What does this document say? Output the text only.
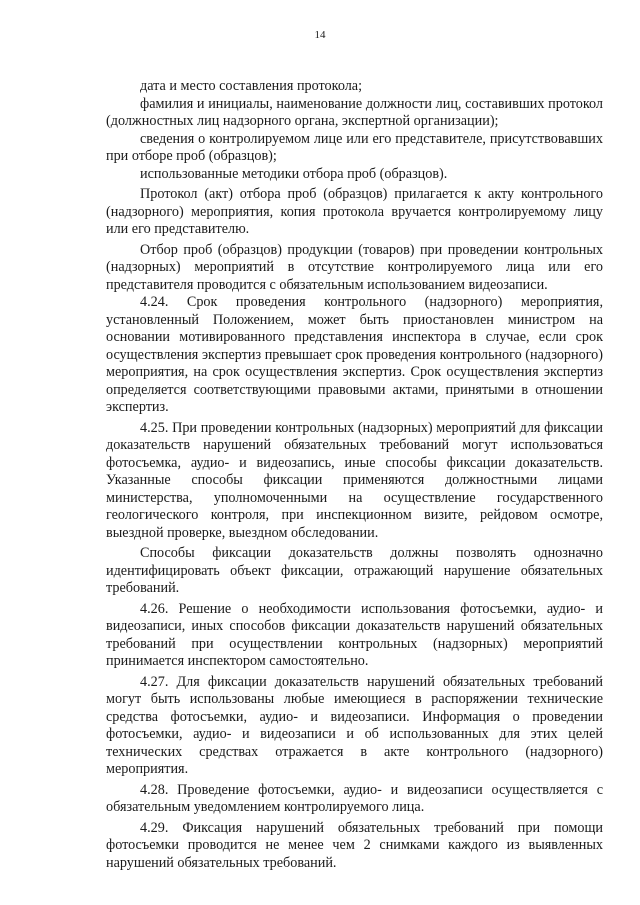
14

дата и место составления протокола;

фамилия и инициалы, наименование должности лиц, составивших протокол (должностных лиц надзорного органа, экспертной организации);

сведения о контролируемом лице или его представителе, присутствовавших при отборе проб (образцов);

использованные методики отбора проб (образцов).

Протокол (акт) отбора проб (образцов) прилагается к акту контрольного (надзорного) мероприятия, копия протокола вручается контролируемому лицу или его представителю.

Отбор проб (образцов) продукции (товаров) при проведении контрольных (надзорных) мероприятий в отсутствие контролируемого лица или его представителя проводится с обязательным использованием видеозаписи.

4.24. Срок проведения контрольного (надзорного) мероприятия, установленный Положением, может быть приостановлен министром на основании мотивированного представления инспектора в случае, если срок осуществления экспертиз превышает срок проведения контрольного (надзорного) мероприятия, на срок осуществления экспертиз. Срок осуществления экспертиз определяется соответствующими правовыми актами, принятыми в отношении экспертиз.

4.25. При проведении контрольных (надзорных) мероприятий для фиксации доказательств нарушений обязательных требований могут использоваться фотосъемка, аудио- и видеозапись, иные способы фиксации доказательств. Указанные способы фиксации применяются должностными лицами министерства, уполномоченными на осуществление государственного геологического контроля, при инспекционном визите, рейдовом осмотре, выездной проверке, выездном обследовании.

Способы фиксации доказательств должны позволять однозначно идентифицировать объект фиксации, отражающий нарушение обязательных требований.

4.26. Решение о необходимости использования фотосъемки, аудио- и видеозаписи, иных способов фиксации доказательств нарушений обязательных требований при осуществлении контрольных (надзорных) мероприятий принимается инспектором самостоятельно.

4.27. Для фиксации доказательств нарушений обязательных требований могут быть использованы любые имеющиеся в распоряжении технические средства фотосъемки, аудио- и видеозаписи. Информация о проведении фотосъемки, аудио- и видеозаписи и об использованных для этих целей технических средствах отражается в акте контрольного (надзорного) мероприятия.

4.28. Проведение фотосъемки, аудио- и видеозаписи осуществляется с обязательным уведомлением контролируемого лица.

4.29. Фиксация нарушений обязательных требований при помощи фотосъемки проводится не менее чем 2 снимками каждого из выявленных нарушений обязательных требований.
